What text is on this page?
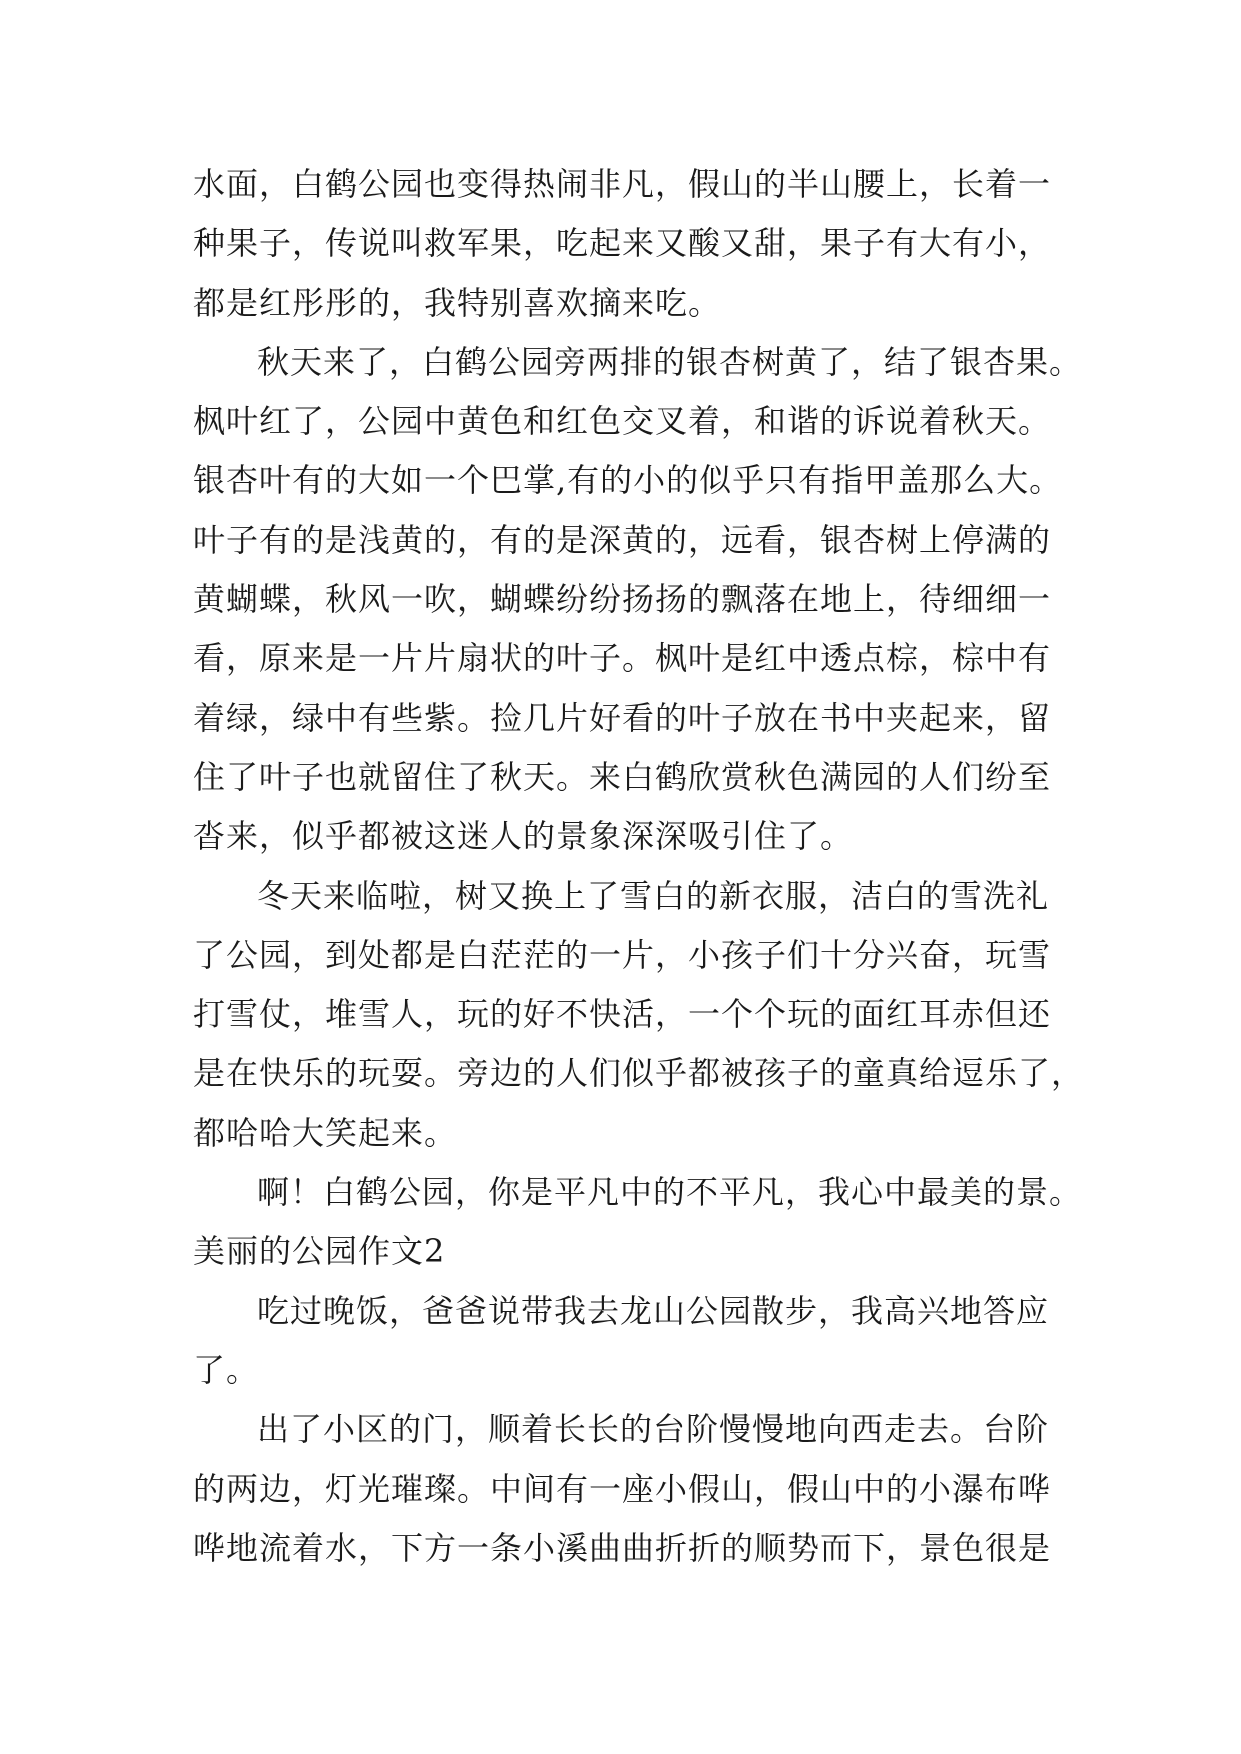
水面，白鹤公园也变得热闹非凡，假山的半山腰上，长着一
种果子，传说叫救军果，吃起来又酸又甜，果子有大有小，
都是红彤彤的，我特别喜欢摘来吃。
秋天来了，白鹤公园旁两排的银杏树黄了，结了银杏果。
枫叶红了，公园中黄色和红色交叉着，和谐的诉说着秋天。
银杏叶有的大如一个巴掌,有的小的似乎只有指甲盖那么大。
叶子有的是浅黄的，有的是深黄的，远看，银杏树上停满的
黄蝴蝶，秋风一吹，蝴蝶纷纷扬扬的飘落在地上，待细细一
看，原来是一片片扇状的叶子。枫叶是红中透点棕，棕中有
着绿，绿中有些紫。捡几片好看的叶子放在书中夹起来，留
住了叶子也就留住了秋天。来白鹤欣赏秋色满园的人们纷至
沓来，似乎都被这迷人的景象深深吸引住了。
冬天来临啦，树又换上了雪白的新衣服，洁白的雪洗礼
了公园，到处都是白茫茫的一片，小孩子们十分兴奋，玩雪
打雪仗，堆雪人，玩的好不快活，一个个玩的面红耳赤但还
是在快乐的玩耍。旁边的人们似乎都被孩子的童真给逗乐了，
都哈哈大笑起来。
啊！白鹤公园，你是平凡中的不平凡，我心中最美的景。
美丽的公园作文2
吃过晚饭，爸爸说带我去龙山公园散步，我高兴地答应
了。
出了小区的门，顺着长长的台阶慢慢地向西走去。台阶
的两边，灯光璀璨。中间有一座小假山，假山中的小瀑布哗
哗地流着水，下方一条小溪曲曲折折的顺势而下，景色很是
